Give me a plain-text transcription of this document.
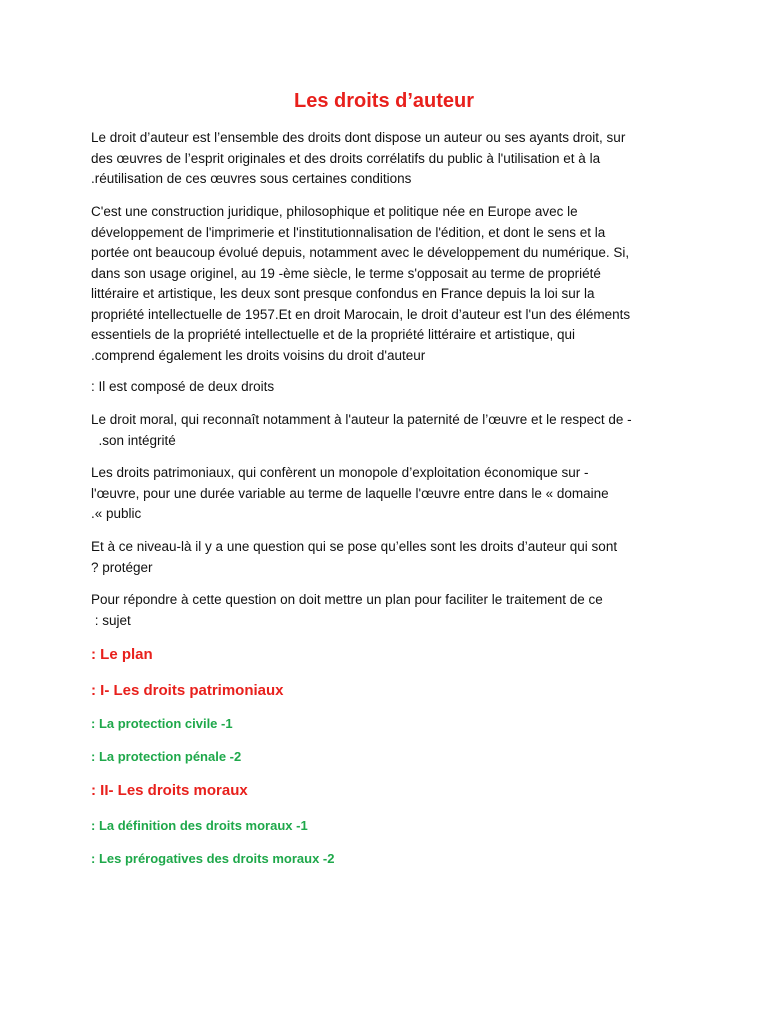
Les droits d’auteur
Le droit d’auteur est l’ensemble des droits dont dispose un auteur ou ses ayants droit, sur
des œuvres de l’esprit originales et des droits corrélatifs du public à l'utilisation et à la
.réutilisation de ces œuvres sous certaines conditions
C'est une construction juridique, philosophique et politique née en Europe avec le
développement de l'imprimerie et l'institutionnalisation de l'édition, et dont le sens et la
portée ont beaucoup évolué depuis, notamment avec le développement du numérique. Si,
dans son usage originel, au 19 -ème siècle, le terme s'opposait au terme de propriété
littéraire et artistique, les deux sont presque confondus en France depuis la loi sur la
propriété intellectuelle de 1957.Et en droit Marocain, le droit d’auteur est l'un des éléments
essentiels de la propriété intellectuelle et de la propriété littéraire et artistique, qui
.comprend également les droits voisins du droit d'auteur
: Il est composé de deux droits
Le droit moral, qui reconnaît notamment à l'auteur la paternité de l’œuvre et le respect de -
.son intégrité
Les droits patrimoniaux, qui confèrent un monopole d’exploitation économique sur -
l'œuvre, pour une durée variable au terme de laquelle l'œuvre entre dans le « domaine
.« public
Et à ce niveau-là il y a une question qui se pose qu’elles sont les droits d’auteur qui sont
? protéger
Pour répondre à cette question on doit mettre un plan pour faciliter le traitement de ce
: sujet
: Le plan
: I- Les droits patrimoniaux
: La protection civile -1
: La protection pénale -2
: II- Les droits moraux
: La définition des droits moraux -1
: Les prérogatives des droits moraux -2
